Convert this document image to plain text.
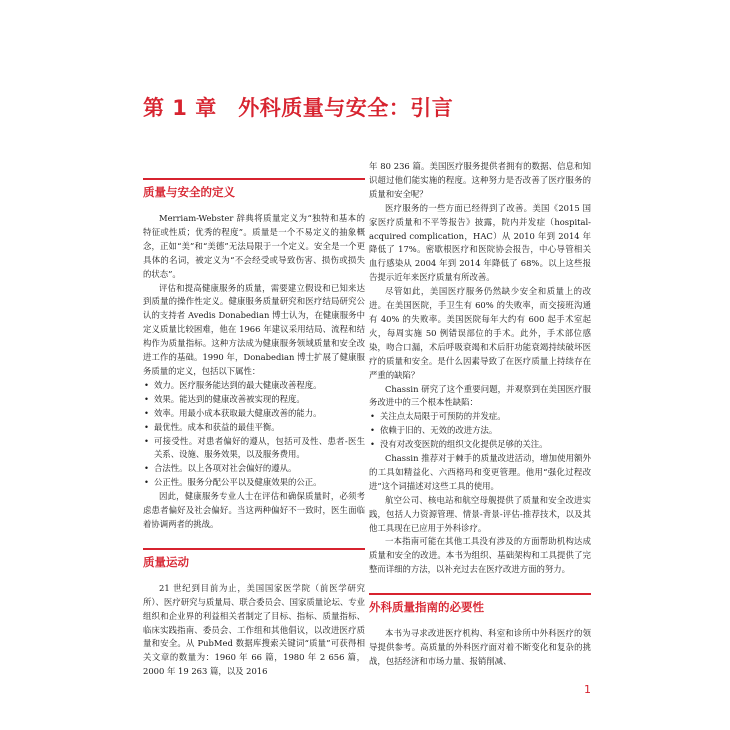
第 1 章　外科质量与安全：引言
质量与安全的定义

Merriam-Webster 辞典将质量定义为“独特和基本的特征或性质；优秀的程度”。质量是一个不易定义的抽象概念，正如“美”和“美德”无法局限于一个定义。安全是一个更具体的名词，被定义为“不会经受或导致伤害、损伤或损失的状态”。

评估和提高健康服务的质量，需要建立假设和已知来达到质量的操作性定义。健康服务质量研究和医疗结局研究公认的支持者 Avedis Donabedian 博士认为，在健康服务中定义质量比较困难，他在 1966 年建议采用结局、流程和结构作为质量指标。这种方法成为健康服务领域质量和安全改进工作的基础。1990 年，Donabedian 博士扩展了健康服务质量的定义，包括以下属性：

• 效力。医疗服务能达到的最大健康改善程度。
• 效果。能达到的健康改善被实现的程度。
• 效率。用最小成本获取最大健康改善的能力。
• 最优性。成本和获益的最佳平衡。
• 可接受性。对患者偏好的遵从，包括可及性、患者-医生关系、设施、服务效果，以及服务费用。
• 合法性。以上各项对社会偏好的遵从。
• 公正性。服务分配公平以及健康效果的公正。

因此，健康服务专业人士在评估和确保质量时，必须考虑患者偏好及社会偏好。当这两种偏好不一致时，医生面临着协调两者的挑战。

质量运动

21 世纪到目前为止，美国国家医学院（前医学研究所）、医疗研究与质量局、联合委员会、国家质量论坛、专业组织和企业界的利益相关者制定了目标、指标、质量指标、临床实践指南、委员会、工作组和其他倡议，以改进医疗质量和安全。从 PubMed 数据库搜索关键词“质量”可获得相关文章的数量为：1960 年 66 篇，1980 年 2 656 篇，2000 年 19 263 篇，以及 2016

年 80 236 篇。美国医疗服务提供者拥有的数据、信息和知识超过他们能实施的程度。这种努力是否改善了医疗服务的质量和安全呢？

医疗服务的一些方面已经得到了改善。美国《2015 国家医疗质量和不平等报告》披露，院内并发症（hospital-acquired complication，HAC）从 2010 年到 2014 年降低了 17%。密歇根医疗和医院协会报告，中心导管相关血行感染从 2004 年到 2014 年降低了 68%。以上这些报告提示近年来医疗质量有所改善。

尽管如此，美国医疗服务仍然缺少安全和质量上的改进。在美国医院，手卫生有 60% 的失败率，而交接班沟通有 40% 的失败率。美国医院每年大约有 600 起手术室起火，每周实施 50 例错误部位的手术。此外，手术部位感染，吻合口漏，术后呼吸衰竭和术后肝功能衰竭持续破坏医疗的质量和安全。是什么因素导致了在医疗质量上持续存在严重的缺陷？

Chassin 研究了这个重要问题，并观察到在美国医疗服务改进中的三个根本性缺陷：

• 关注点太局限于可预防的并发症。
• 依赖于旧的、无效的改进方法。
• 没有对改变医院的组织文化提供足够的关注。

Chassin 推荐对于棘手的质量改进活动，增加使用额外的工具如精益化、六西格玛和变更管理。他用“强化过程改进”这个词描述对这些工具的使用。

航空公司、核电站和航空母舰提供了质量和安全改进实践，包括人力资源管理、情景-背景-评估-推荐技术，以及其他工具现在已应用于外科诊疗。

一本指南可能在其他工具没有涉及的方面帮助机构达成质量和安全的改进。本书为组织、基础架构和工具提供了完整而详细的方法，以补充过去在医疗改进方面的努力。

外科质量指南的必要性

本书为寻求改进医疗机构、科室和诊所中外科医疗的领导提供参考。高质量的外科医疗面对着不断变化和复杂的挑战，包括经济和市场力量、报销削减、

1
